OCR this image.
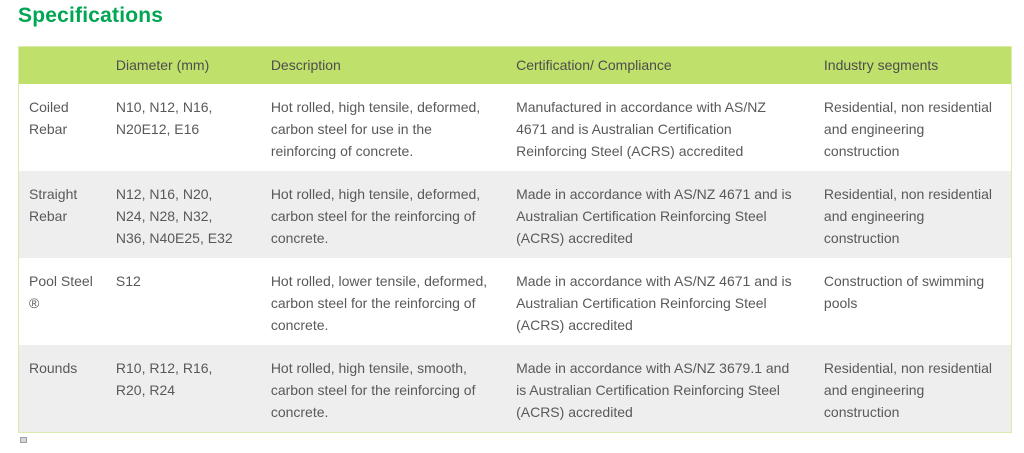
Specifications
	Diameter (mm)	Description	Certification/ Compliance	Industry segments
Coiled Rebar	N10, N12, N16, N20E12, E16	Hot rolled, high tensile, deformed, carbon steel for use in the reinforcing of concrete.	Manufactured in accordance with AS/NZ 4671 and is Australian Certification Reinforcing Steel (ACRS) accredited	Residential, non residential and engineering construction
Straight Rebar	N12, N16, N20, N24, N28, N32, N36, N40E25, E32	Hot rolled, high tensile, deformed, carbon steel for the reinforcing of concrete.	Made in accordance with AS/NZ 4671 and is Australian Certification Reinforcing Steel (ACRS) accredited	Residential, non residential and engineering construction
Pool Steel ®	S12	Hot rolled, lower tensile, deformed, carbon steel for the reinforcing of concrete.	Made in accordance with AS/NZ 4671 and is Australian Certification Reinforcing Steel (ACRS) accredited	Construction of swimming pools
Rounds	R10, R12, R16, R20, R24	Hot rolled, high tensile, smooth, carbon steel for the reinforcing of concrete.	Made in accordance with AS/NZ 3679.1 and is Australian Certification Reinforcing Steel (ACRS) accredited	Residential, non residential and engineering construction
